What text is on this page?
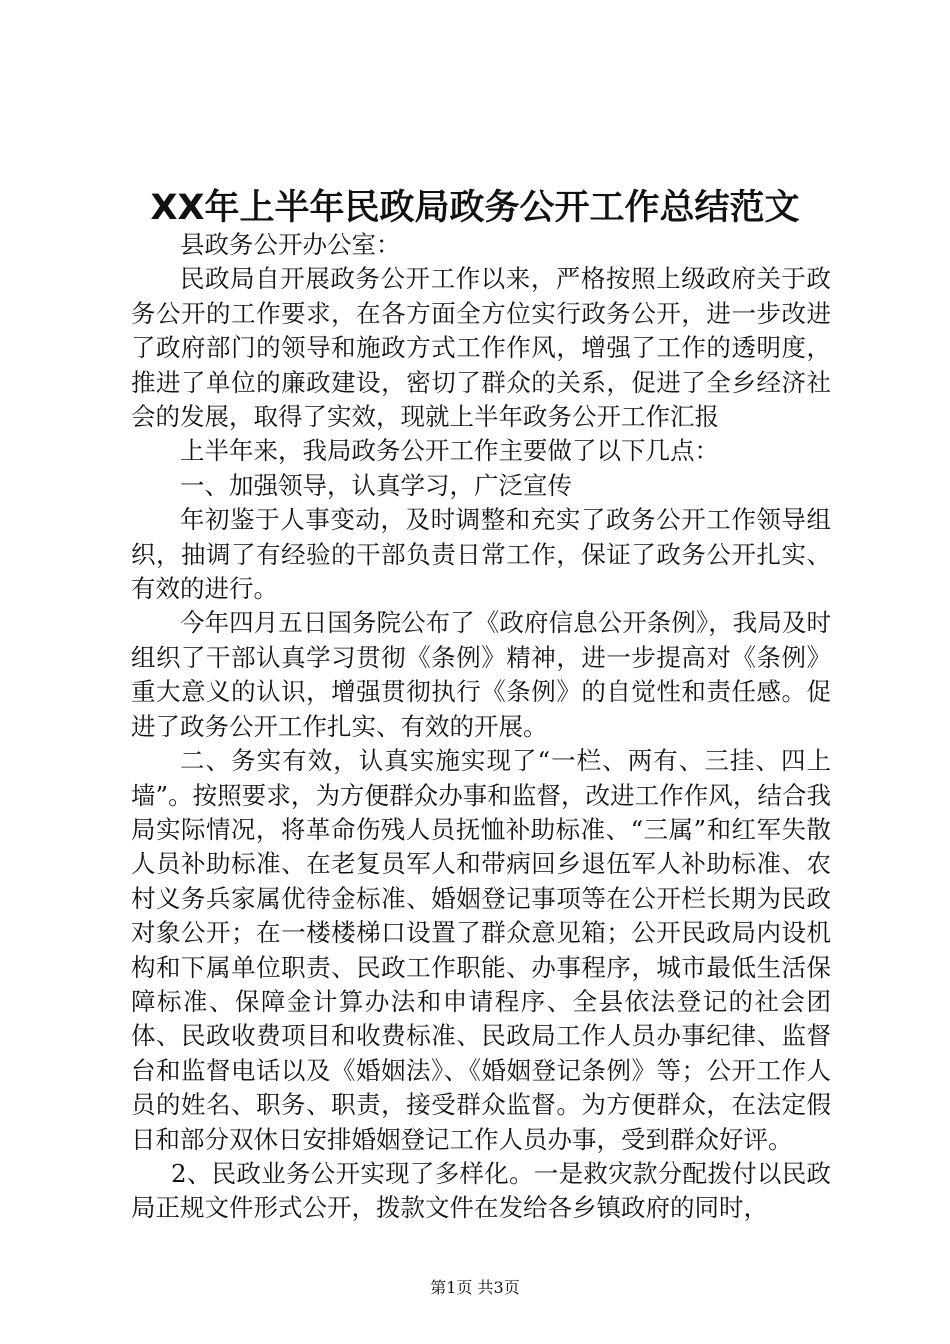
XX年上半年民政局政务公开工作总结范文

县政务公开办公室：

民政局自开展政务公开工作以来，严格按照上级政府关于政务公开的工作要求，在各方面全方位实行政务公开，进一步改进了政府部门的领导和施政方式工作作风，增强了工作的透明度，推进了单位的廉政建设，密切了群众的关系，促进了全乡经济社会的发展，取得了实效，现就上半年政务公开工作汇报

上半年来，我局政务公开工作主要做了以下几点：

一、加强领导，认真学习，广泛宣传

年初鉴于人事变动，及时调整和充实了政务公开工作领导组织，抽调了有经验的干部负责日常工作，保证了政务公开扎实、有效的进行。

今年四月五日国务院公布了《政府信息公开条例》，我局及时组织了干部认真学习贯彻《条例》精神，进一步提高对《条例》重大意义的认识，增强贯彻执行《条例》的自觉性和责任感。促进了政务公开工作扎实、有效的开展。

二、务实有效，认真实施实现了“一栏、两有、三挂、四上墙”。按照要求，为方便群众办事和监督，改进工作作风，结合我局实际情况，将革命伤残人员抚恤补助标准、“三属”和红军失散人员补助标准、在老复员军人和带病回乡退伍军人补助标准、农村义务兵家属优待金标准、婚姻登记事项等在公开栏长期为民政对象公开；在一楼楼梯口设置了群众意见箱；公开民政局内设机构和下属单位职责、民政工作职能、办事程序，城市最低生活保障标准、保障金计算办法和申请程序、全县依法登记的社会团体、民政收费项目和收费标准、民政局工作人员办事纪律、监督台和监督电话以及《婚姻法》、《婚姻登记条例》等；公开工作人员的姓名、职务、职责，接受群众监督。为方便群众，在法定假日和部分双休日安排婚姻登记工作人员办事，受到群众好评。

2、民政业务公开实现了多样化。一是救灾款分配拨付以民政局正规文件形式公开，拨款文件在发给各乡镇政府的同时，

第1页 共3页
